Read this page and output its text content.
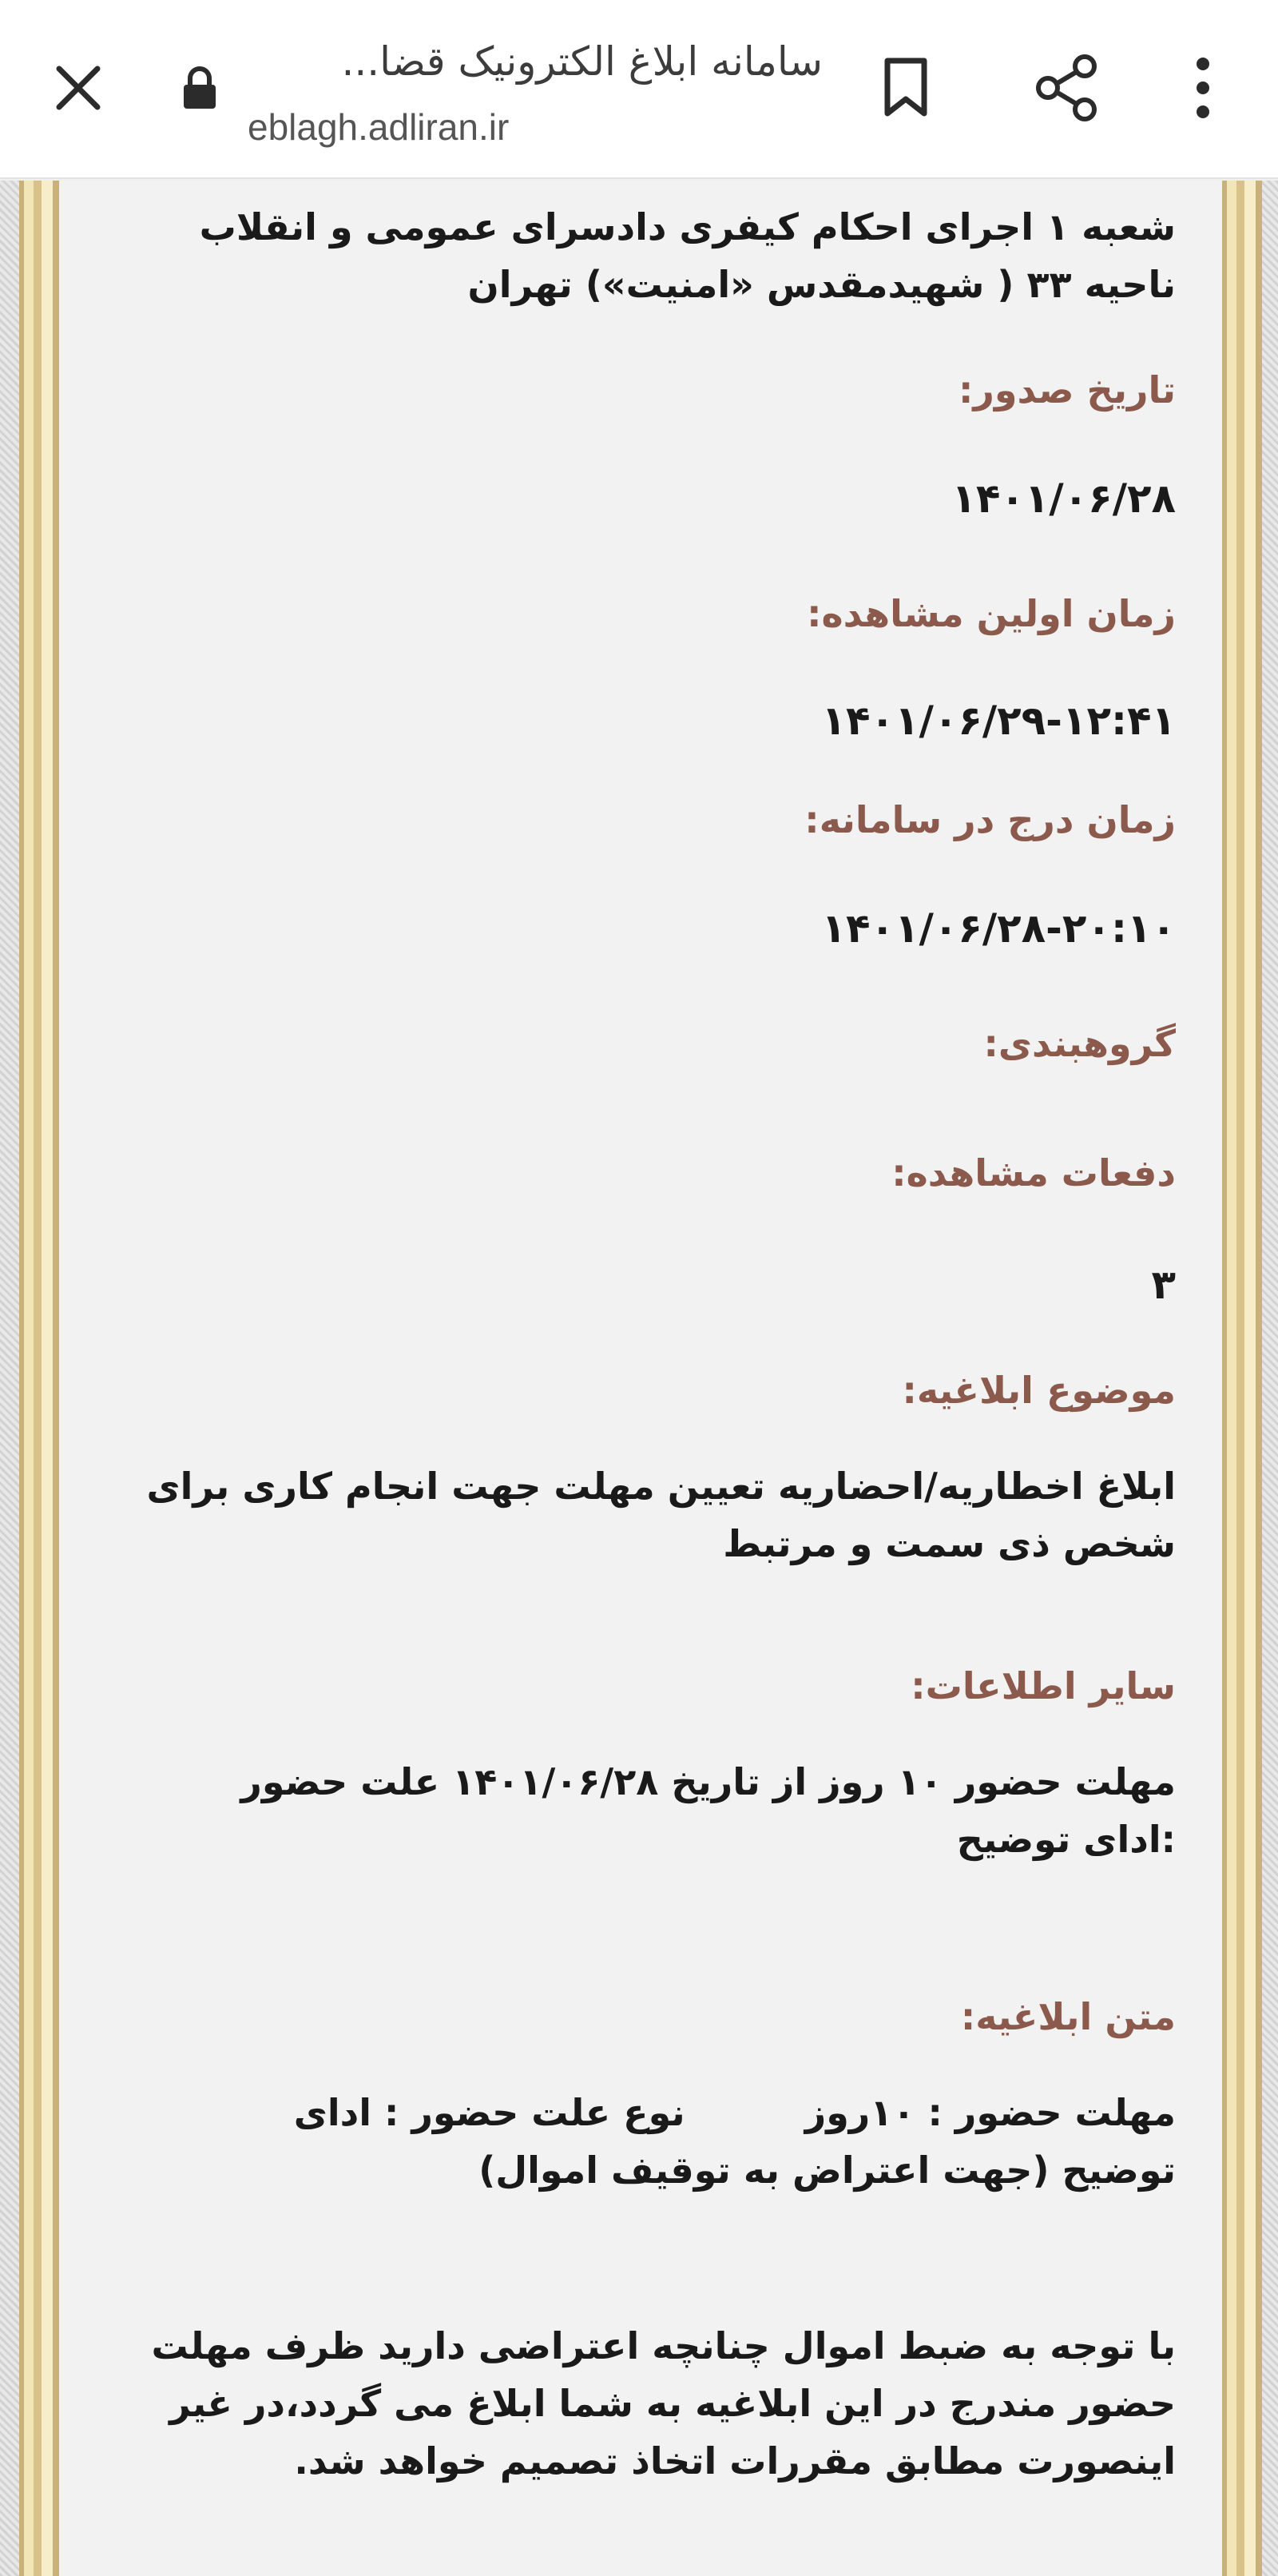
سامانه ابلاغ الکترونیک قضا...
eblagh.adliran.ir
شعبه ۱ اجرای احکام کیفری دادسرای عمومی و انقلاب
ناحیه ۳۳ ( شهیدمقدس «امنیت») تهران
تاریخ صدور:
۱۴۰۱/۰۶/۲۸
زمان اولین مشاهده:
۱۴۰۱/۰۶/۲۹-۱۲:۴۱
زمان درج در سامانه:
۱۴۰۱/۰۶/۲۸-۲۰:۱۰
گروهبندی:
دفعات مشاهده:
۳
موضوع ابلاغیه:
ابلاغ اخطاریه/احضاریه تعیین مهلت جهت انجام کاری برای
شخص ذی سمت و مرتبط
سایر اطلاعات:
مهلت حضور ۱۰ روز از تاریخ ۱۴۰۱/۰۶/۲۸ علت حضور
:ادای توضیح
متن ابلاغیه:
مهلت حضور : ۱۰روزنوع علت حضور : ادای
توضیح (جهت اعتراض به توقیف اموال)
با توجه به ضبط اموال چنانچه اعتراضی دارید ظرف مهلت
حضور مندرج در این ابلاغیه به شما ابلاغ می گردد،در غیر
اینصورت مطابق مقررات اتخاذ تصمیم خواهد شد.
